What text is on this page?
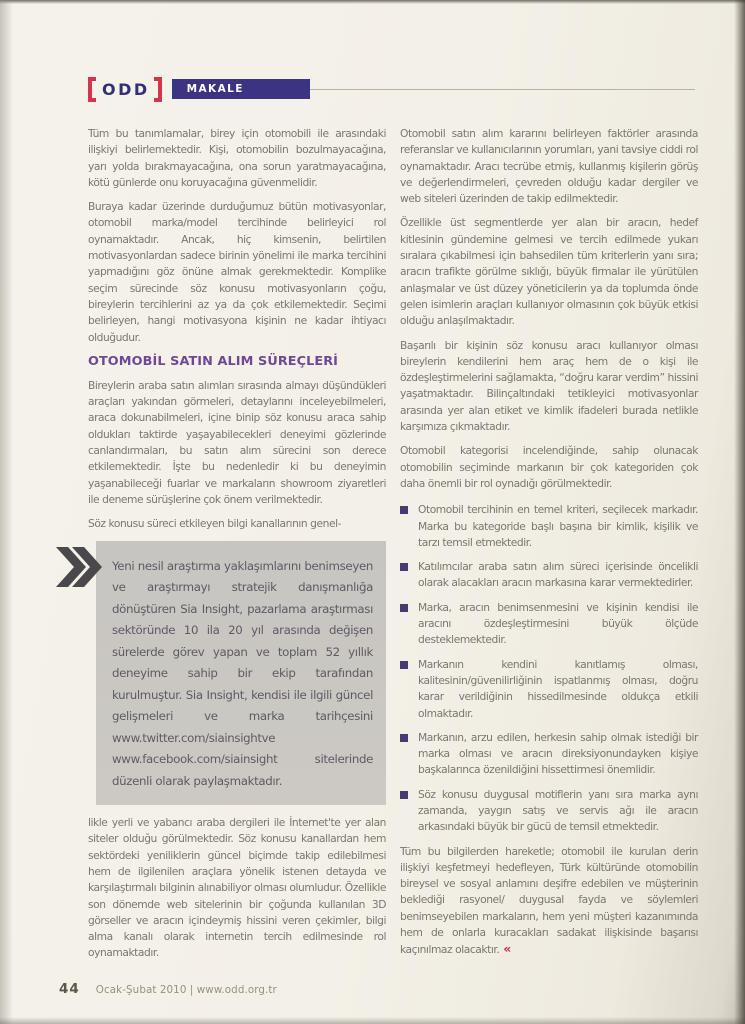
ODD	MAKALE

Tüm bu tanımlamalar, birey için otomobili ile arasındaki ilişkiyi belirlemektedir. Kişi, otomobilin bozulmayacağına, yarı yolda bırakmayacağına, ona sorun yaratmayacağına, kötü günlerde onu koruyacağına güvenmelidir.

Buraya kadar üzerinde durduğumuz bütün motivasyonlar, otomobil marka/model tercihinde belirleyici rol oynamaktadır. Ancak, hiç kimsenin, belirtilen motivasyonlardan sadece birinin yönelimi ile marka tercihini yapmadığını göz önüne almak gerekmektedir. Komplike seçim sürecinde söz konusu motivasyonların çoğu, bireylerin tercihlerini az ya da çok etkilemektedir. Seçimi belirleyen, hangi motivasyona kişinin ne kadar ihtiyacı olduğudur.

OTOMOBİL SATIN ALIM SÜREÇLERİ

Bireylerin araba satın alımları sırasında almayı düşündükleri araçları yakından görmeleri, detaylarını inceleyebilmeleri, araca dokunabilmeleri, içine binip söz konusu araca sahip oldukları taktirde yaşayabilecekleri deneyimi gözlerinde canlandırmaları, bu satın alım sürecini son derece etkilemektedir. İşte bu nedenledir ki bu deneyimin yaşanabileceği fuarlar ve markaların showroom ziyaretleri ile deneme sürüşlerine çok önem verilmektedir.

Söz konusu süreci etkileyen bilgi kanallarının genel-

Yeni nesil araştırma yaklaşımlarını benimseyen ve araştırmayı stratejik danışmanlığa dönüştüren Sia Insight, pazarlama araştırması sektöründe 10 ila 20 yıl arasında değişen sürelerde görev yapan ve toplam 52 yıllık deneyime sahip bir ekip tarafından kurulmuştur. Sia Insight, kendisi ile ilgili güncel gelişmeleri ve marka tarihçesini www.twitter.com/siainsightve www.facebook.com/siainsight sitelerinde düzenli olarak paylaşmaktadır.

likle yerli ve yabancı araba dergileri ile İnternet'te yer alan siteler olduğu görülmektedir. Söz konusu kanallardan hem sektördeki yeniliklerin güncel biçimde takip edilebilmesi hem de ilgilenilen araçlara yönelik istenen detayda ve karşılaştırmalı bilginin alınabiliyor olması olumludur. Özellikle son dönemde web sitelerinin bir çoğunda kullanılan 3D görseller ve aracın içindeymiş hissini veren çekimler, bilgi alma kanalı olarak internetin tercih edilmesinde rol oynamaktadır.

Otomobil satın alım kararını belirleyen faktörler arasında referanslar ve kullanıcılarının yorumları, yani tavsiye ciddi rol oynamaktadır. Aracı tecrübe etmiş, kullanmış kişilerin görüş ve değerlendirmeleri, çevreden olduğu kadar dergiler ve web siteleri üzerinden de takip edilmektedir.

Özellikle üst segmentlerde yer alan bir aracın, hedef kitlesinin gündemine gelmesi ve tercih edilmede yukarı sıralara çıkabilmesi için bahsedilen tüm kriterlerin yanı sıra; aracın trafikte görülme sıklığı, büyük firmalar ile yürütülen anlaşmalar ve üst düzey yöneticilerin ya da toplumda önde gelen isimlerin araçları kullanıyor olmasının çok büyük etkisi olduğu anlaşılmaktadır.

Başarılı bir kişinin söz konusu aracı kullanıyor olması bireylerin kendilerini hem araç hem de o kişi ile özdeşleştirmelerini sağlamakta, “doğru karar verdim” hissini yaşatmaktadır. Bilinçaltındaki tetikleyici motivasyonlar arasında yer alan etiket ve kimlik ifadeleri burada netlikle karşımıza çıkmaktadır.

Otomobil kategorisi incelendiğinde, sahip olunacak otomobilin seçiminde markanın bir çok kategoriden çok daha önemli bir rol oynadığı görülmektedir.

Otomobil tercihinin en temel kriteri, seçilecek markadır. Marka bu kategoride başlı başına bir kimlik, kişilik ve tarzı temsil etmektedir.
Katılımcılar araba satın alım süreci içerisinde öncelikli olarak alacakları aracın markasına karar vermektedirler.
Marka, aracın benimsenmesini ve kişinin kendisi ile aracını özdeşleştirmesini büyük ölçüde desteklemektedir.
Markanın kendini kanıtlamış olması, kalitesinin/güvenilirliğinin ispatlanmış olması, doğru karar verildiğinin hissedilmesinde oldukça etkili olmaktadır.
Markanın, arzu edilen, herkesin sahip olmak istediği bir marka olması ve aracın direksiyonundayken kişiye başkalarınca özenildiğini hissettirmesi önemlidir.
Söz konusu duygusal motiflerin yanı sıra marka aynı zamanda, yaygın satış ve servis ağı ile aracın arkasındaki büyük bir gücü de temsil etmektedir.

Tüm bu bilgilerden hareketle; otomobil ile kurulan derin ilişkiyi keşfetmeyi hedefleyen, Türk kültüründe otomobilin bireysel ve sosyal anlamını deşifre edebilen ve müşterinin beklediği rasyonel/ duygusal fayda ve söylemleri benimseyebilen markaların, hem yeni müşteri kazanımında hem de onlarla kuracakları sadakat ilişkisinde başarısı kaçınılmaz olacaktır. «

44 Ocak-Şubat 2010 | www.odd.org.tr
